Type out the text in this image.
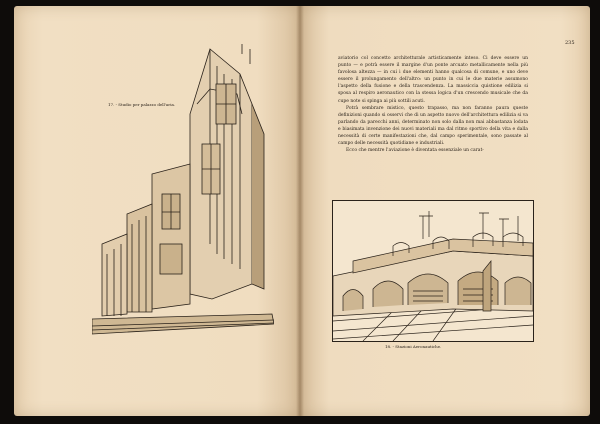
17. - Studio per palazzo dell'aria.
235

aviatorio col concetto architetturale artisticamente inteso. Ci deve essere un punto — e potrà essere il margine d'un ponte arcuato metallicamente nella più favolosa altezza — in cui i due elementi hanno qualcosa di comune, e uno deve essere il prolungamento dell'altro: un punto in cui le due materie assumono l'aspetto della fusione e della trascendenza. La massiccia quistione edilizia si sposa al respiro aeronautico con la stessa logica d'un crescendo musicale che da cupe note si spinga ai più sottili acuti.

Potrà sembrare mistico, questo trapasso, ma non faranno paura queste definizioni quando si osservi che di un aspetto nuovo dell'architettura edilizia si va parlando da parecchi anni, determinato non solo dalla non mai abbastanza lodata e biasimata invenzione dei nuovi materiali ma dal ritmo sportivo della vita e dalla necessità di certe manifestazioni che, dal campo sperimentale, sono passate al campo delle necessità quotidiane e industriali.

Ecco che mentre l'aviazione è diventata essenziale un carat-

18. - Stazioni Aeronautiche.
